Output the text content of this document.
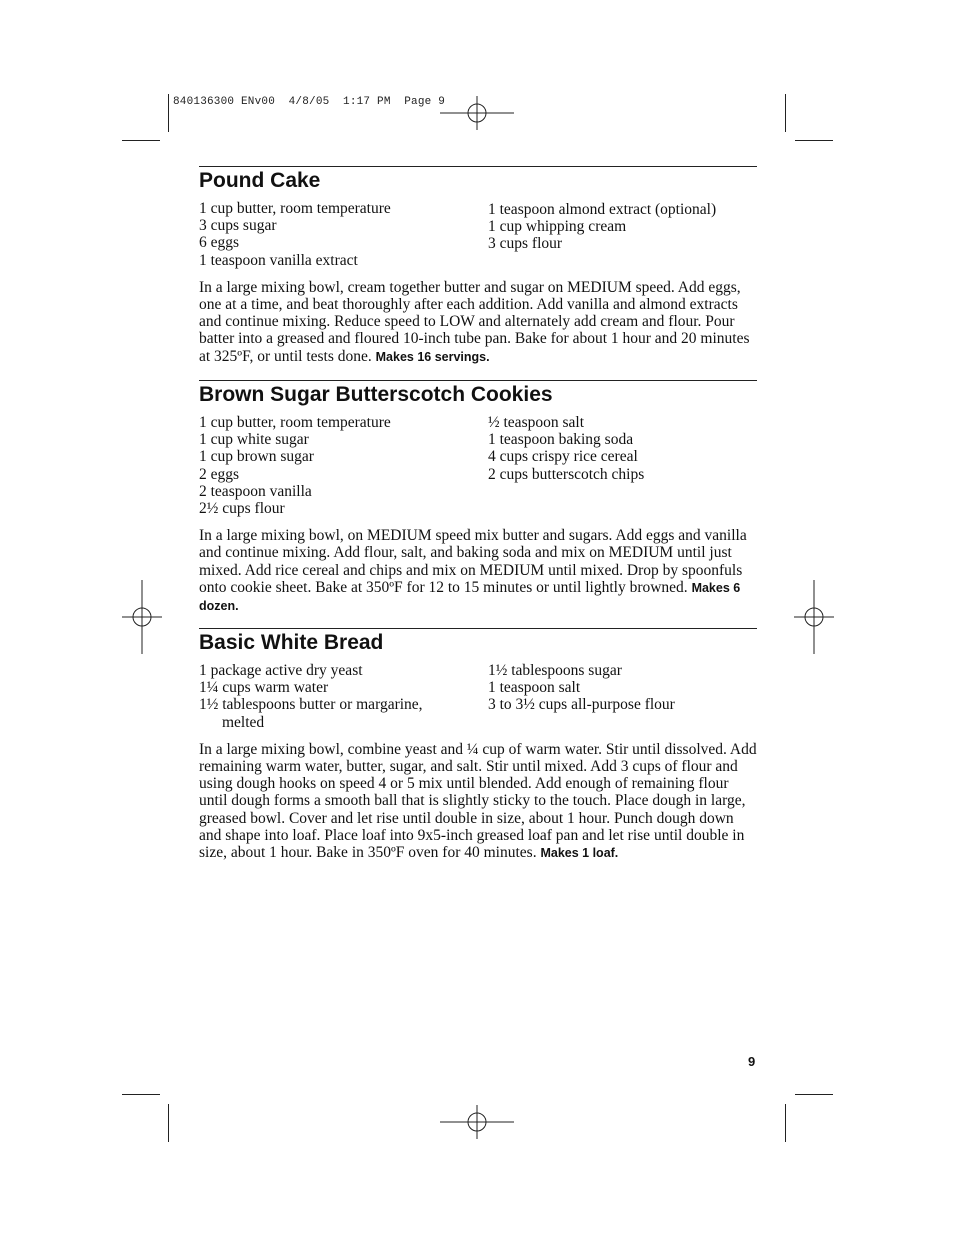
840136300 ENv00  4/8/05  1:17 PM  Page 9
Pound Cake
1 cup butter, room temperature
3 cups sugar
6 eggs
1 teaspoon vanilla extract
1 teaspoon almond extract (optional)
1 cup whipping cream
3 cups flour

In a large mixing bowl, cream together butter and sugar on MEDIUM speed. Add eggs, one at a time, and beat thoroughly after each addition. Add vanilla and almond extracts and continue mixing. Reduce speed to LOW and alternately add cream and flour. Pour batter into a greased and floured 10-inch tube pan. Bake for about 1 hour and 20 minutes at 325ºF, or until tests done. Makes 16 servings.

Brown Sugar Butterscotch Cookies
1 cup butter, room temperature
1 cup white sugar
1 cup brown sugar
2 eggs
2 teaspoon vanilla
2½ cups flour
½ teaspoon salt
1 teaspoon baking soda
4 cups crispy rice cereal
2 cups butterscotch chips

In a large mixing bowl, on MEDIUM speed mix butter and sugars. Add eggs and vanilla and continue mixing. Add flour, salt, and baking soda and mix on MEDIUM until just mixed. Add rice cereal and chips and mix on MEDIUM until mixed. Drop by spoonfuls onto cookie sheet. Bake at 350ºF for 12 to 15 minutes or until lightly browned. Makes 6 dozen.

Basic White Bread
1 package active dry yeast
1¼ cups warm water
1½ tablespoons butter or margarine,
melted
1½ tablespoons sugar
1 teaspoon salt
3 to 3½ cups all-purpose flour

In a large mixing bowl, combine yeast and ¼ cup of warm water. Stir until dissolved. Add remaining warm water, butter, sugar, and salt. Stir until mixed. Add 3 cups of flour and using dough hooks on speed 4 or 5 mix until blended. Add enough of remaining flour until dough forms a smooth ball that is slightly sticky to the touch. Place dough in large, greased bowl. Cover and let rise until double in size, about 1 hour. Punch dough down and shape into loaf. Place loaf into 9x5-inch greased loaf pan and let rise until double in size, about 1 hour. Bake in 350ºF oven for 40 minutes. Makes 1 loaf.

9
